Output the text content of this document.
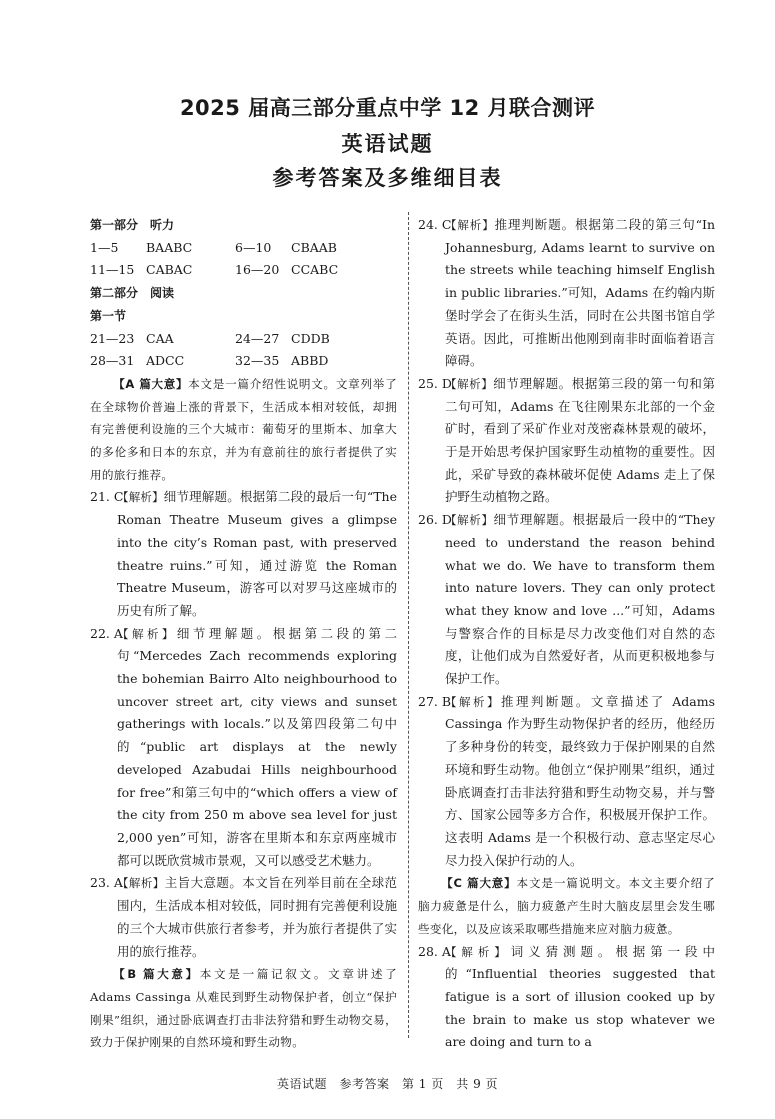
2025 届高三部分重点中学 12 月联合测评
英语试题
参考答案及多维细目表
第一部分　听力
1—5	BAABC	6—10	CBAAB
11—15 CABAC	16—20 CCABC
第二部分　阅读
第一节
21—23 CAA	24—27 CDDB
28—31 ADCC	32—35 ABBD
【A 篇大意】本文是一篇介绍性说明文。文章列举了在全球物价普遍上涨的背景下，生活成本相对较低，却拥有完善便利设施的三个大城市：葡萄牙的里斯本、加拿大的多伦多和日本的东京，并为有意前往的旅行者提供了实用的旅行推荐。
21. C
【解析】细节理解题。根据第二段的最后一句“The Roman Theatre Museum gives a glimpse into the city’s Roman past, with preserved theatre ruins.”可知，通过游览 the Roman Theatre Museum，游客可以对罗马这座城市的历史有所了解。
22. A
【解析】细节理解题。根据第二段的第二句“Mercedes Zach recommends exploring the bohemian Bairro Alto neighbourhood to uncover street art, city views and sunset gatherings with locals.”以及第四段第二句中的“public art displays at the newly developed Azabudai Hills neighbourhood for free”和第三句中的“which offers a view of the city from 250 m above sea level for just 2,000 yen”可知，游客在里斯本和东京两座城市都可以既欣赏城市景观，又可以感受艺术魅力。
23. A
【解析】主旨大意题。本文旨在列举目前在全球范围内，生活成本相对较低，同时拥有完善便利设施的三个大城市供旅行者参考，并为旅行者提供了实用的旅行推荐。
【B 篇大意】本文是一篇记叙文。文章讲述了 Adams Cassinga 从难民到野生动物保护者，创立“保护刚果”组织，通过卧底调查打击非法狩猎和野生动物交易，致力于保护刚果的自然环境和野生动物。
24. C
【解析】推理判断题。根据第二段的第三句“In Johannesburg, Adams learnt to survive on the streets while teaching himself English in public libraries.”可知，Adams 在约翰内斯堡时学会了在街头生活，同时在公共图书馆自学英语。因此，可推断出他刚到南非时面临着语言障碍。
25. D
【解析】细节理解题。根据第三段的第一句和第二句可知，Adams 在飞往刚果东北部的一个金矿时，看到了采矿作业对茂密森林景观的破坏，于是开始思考保护国家野生动植物的重要性。因此，采矿导致的森林破坏促使 Adams 走上了保护野生动植物之路。
26. D
【解析】细节理解题。根据最后一段中的“They need to understand the reason behind what we do. We have to transform them into nature lovers. They can only protect what they know and love ...”可知，Adams 与警察合作的目标是尽力改变他们对自然的态度，让他们成为自然爱好者，从而更积极地参与保护工作。
27. B
【解析】推理判断题。文章描述了 Adams Cassinga 作为野生动物保护者的经历，他经历了多种身份的转变，最终致力于保护刚果的自然环境和野生动物。他创立“保护刚果”组织，通过卧底调查打击非法狩猎和野生动物交易，并与警方、国家公园等多方合作，积极展开保护工作。这表明 Adams 是一个积极行动、意志坚定尽心尽力投入保护行动的人。
【C 篇大意】本文是一篇说明文。本文主要介绍了脑力疲惫是什么，脑力疲惫产生时大脑皮层里会发生哪些变化，以及应该采取哪些措施来应对脑力疲惫。
28. A
【解析】词义猜测题。根据第一段中的“Influential theories suggested that fatigue is a sort of illusion cooked up by the brain to make us stop whatever we are doing and turn to a
英语试题　参考答案　第 1 页　共 9 页
